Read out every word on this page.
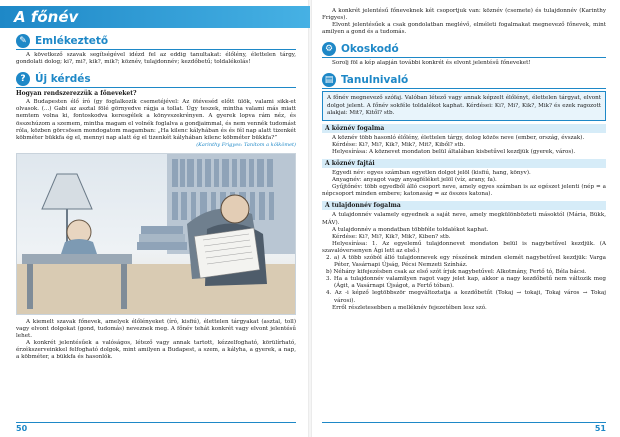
A főnév
✎ Emlékeztető

A következő szavak segítségével idézd fel az eddig tanultakat: élőlény, élettelen tárgy, gondolati dolog; ki?, mi?, kik?, mik?; köznév, tulajdonnév; kezdőbetű; toldalékolás!

? Új kérdés

Hogyan rendszerezzük a főneveket?

A Budapesten élő író (gy foglalkozik csemetéjével: Az ötéveséd előtt ülök, valami sikk-et olvasok. (...) Gabi az asztal fölé görnyedve rágja a tollat. Úgy teszek, mintha valami más miatt nemtem volna ki, fontoskodva keresgélek a könyvszekrényen. A gyerek lopva rám néz, és összehúzom a szemem, mintha magam el volnék foglalva a gondjaimmal, és nem vennék tudomást róla, közben görcsösen mondogatom magamban: „Ha kilenc kályhában és és fél nap alatt tizenkét köbméter bükkfa ég el, mennyi nap alatt ég el tizenkét kályhában kilenc köbméter bükkfa?”

(Karinthy Frigyes: Tanítom a kölkömet)

A kiemelt szavak főnevek, amelyek élőlényeket (író, kisfiú), élettelen tárgyakat (asztal, toll) vagy elvont dolgokat (gond, tudomás) neveznek meg. A főnév tehát konkrét vagy elvont jelentésű lehet.

A konkrét jelentésűek a valóságos, létező vagy annak tartott, kézzelfogható, körülírható, érzékszerveinkkel felfogható dolgok, mint amilyen a Budapest, a szem, a kályha, a gyerek, a nap, a köbméter, a bükkfa és hasonlók.

50

A konkrét jelentésű főneveknek két csoportjuk van: köznév (csemete) és tulajdonnév (Karinthy Frigyes).

Elvont jelentésűek a csak gondolatban meglévő, elméleti fogalmakat megnevező főnevek, mint amilyen a gond és a tudomás.

⚙ Okoskodó

Sorolj föl a kép alapján további konkrét és elvont jelentésű főneveket!

▤ Tanulnivaló

A főnév megnevező szófaj. Valóban létező vagy annak képzelt élőlényt, élettelen tárgyat, elvont dolgot jelent. A főnév sokféle toldalékot kaphat. Kérdései: Ki?, Mi?, Kik?, Mik? és ezek ragozott alakjai: Mit?, Kitől? stb.

A köznév fogalma

A köznév több hasonló élőlény, élettelen tárgy, dolog közös neve (ember, ország, évszak).

Kérdése: Ki?, Mi?, Kik?, Mik?, Mit?, Kiből? stb.

Helyesírása: A köznevet mondaton belül általában kisbetűvel kezdjük (gyerek, város).

A köznév fajtái

Egyedi név: egyes számban egyetlen dolgot jelöl (kisfiú, hang, könyv).

Anyagnév: anyagot vagy anyagféléket jelöl (víz, arany, fa).

Gyűjtőnév: több egyedből álló csoport neve, amely egyes számban is az egészet jelenti (nép = a népcsoport minden embere; katonaság = az összes katona).

A tulajdonnév fogalma

A tulajdonnév valamely egyednek a saját neve, amely megkülönbözteti másoktól (Mária, Bükk, MÁV).

A tulajdonnév a mondatban többféle toldalékot kaphat.

Kérdése: Ki?, Mi?, Kik?, Mik?, Kiben? stb.

Helyesírása: 1. Az egyelemű tulajdonnevet mondaton belül is nagybetűvel kezdjük. (A szavalóversenyen Ági lett az első.)

2. a) A több szóból álló tulajdonnevek egy részének minden elemét nagybetűvel kezdjük: Varga Péter, Vasárnapi Újság, Pécsi Nemzeti Színház.

b) Néhány kifejezésben csak az első szót írjuk nagybetűvel: Alkotmány, Fertő tó, Béla bácsi.

3. Ha a tulajdonnév valamilyen ragot vagy jelet kap, akkor a nagy kezdőbetű nem változik meg (Ágit, a Vasárnapi Újságot, a Fertő tóban).

4. Az -i képző legtöbbször megváltoztatja a kezdőbetűt (Tokaj → tokaji, Tokaj város → Tokaj városi).

Erről részletesebben a melléknév fejezetében lesz szó.

51
